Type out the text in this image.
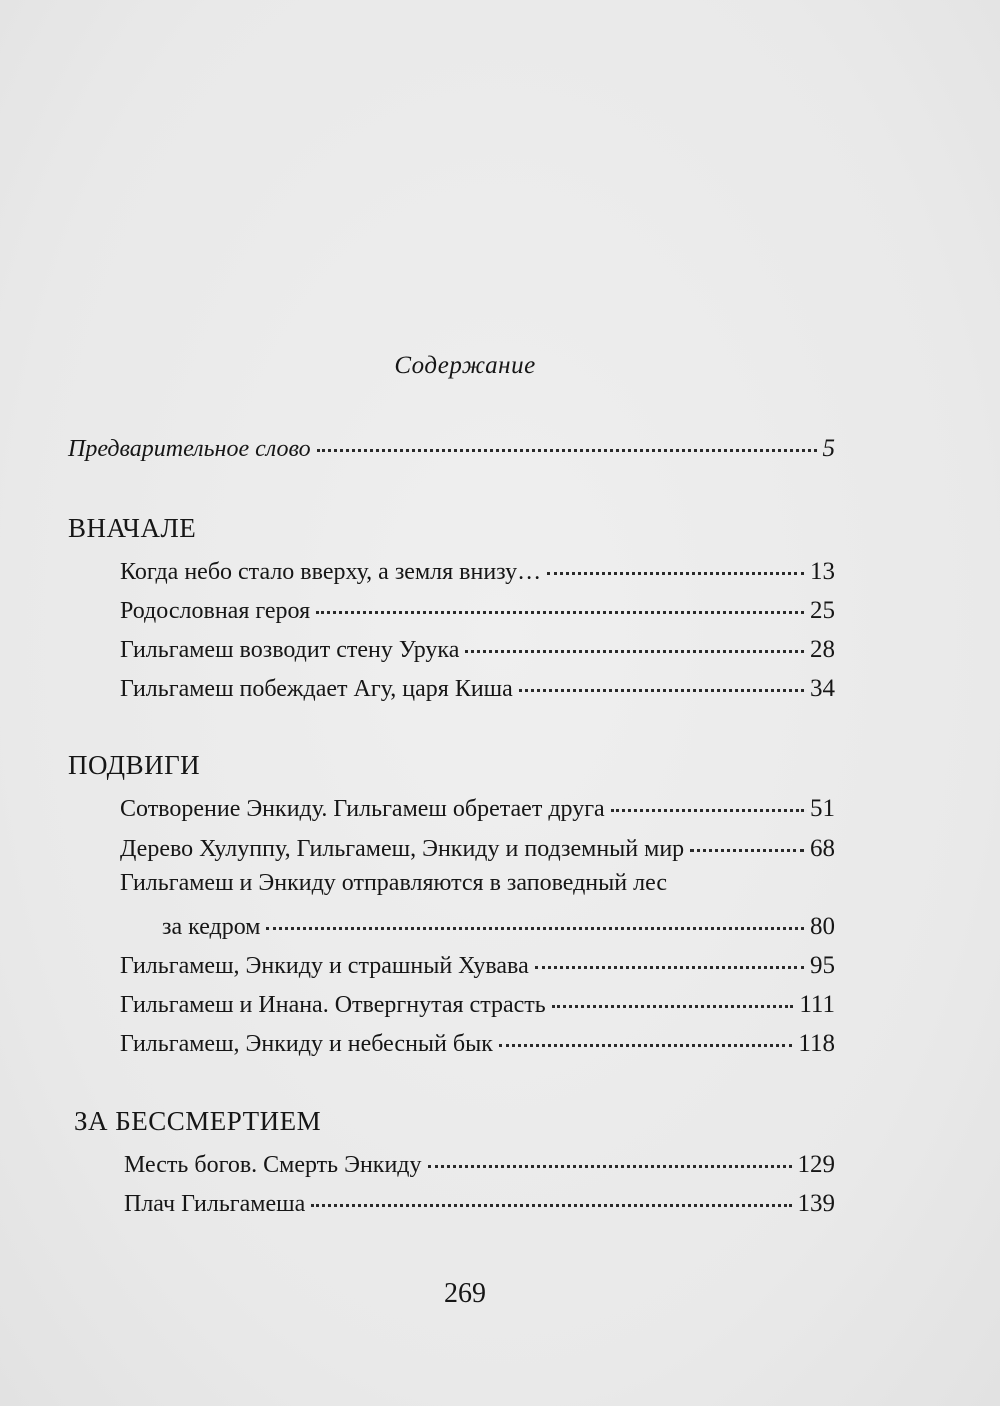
Содержание
Предварительное слово	5
ВНАЧАЛЕ
Когда небо стало вверху, а земля внизу…	13
Родословная героя	25
Гильгамеш возводит стену Урука	28
Гильгамеш побеждает Агу, царя Киша	34
ПОДВИГИ
Сотворение Энкиду. Гильгамеш обретает друга	51
Дерево Хулуппу, Гильгамеш, Энкиду и подземный мир	68
Гильгамеш и Энкиду отправляются в заповедный лес
за кедром	80
Гильгамеш, Энкиду и страшный Хувава	95
Гильгамеш и Инана. Отвергнутая страсть	111
Гильгамеш, Энкиду и небесный бык	118
ЗА БЕССМЕРТИЕМ
Месть богов. Смерть Энкиду	129
Плач Гильгамеша	139
269
